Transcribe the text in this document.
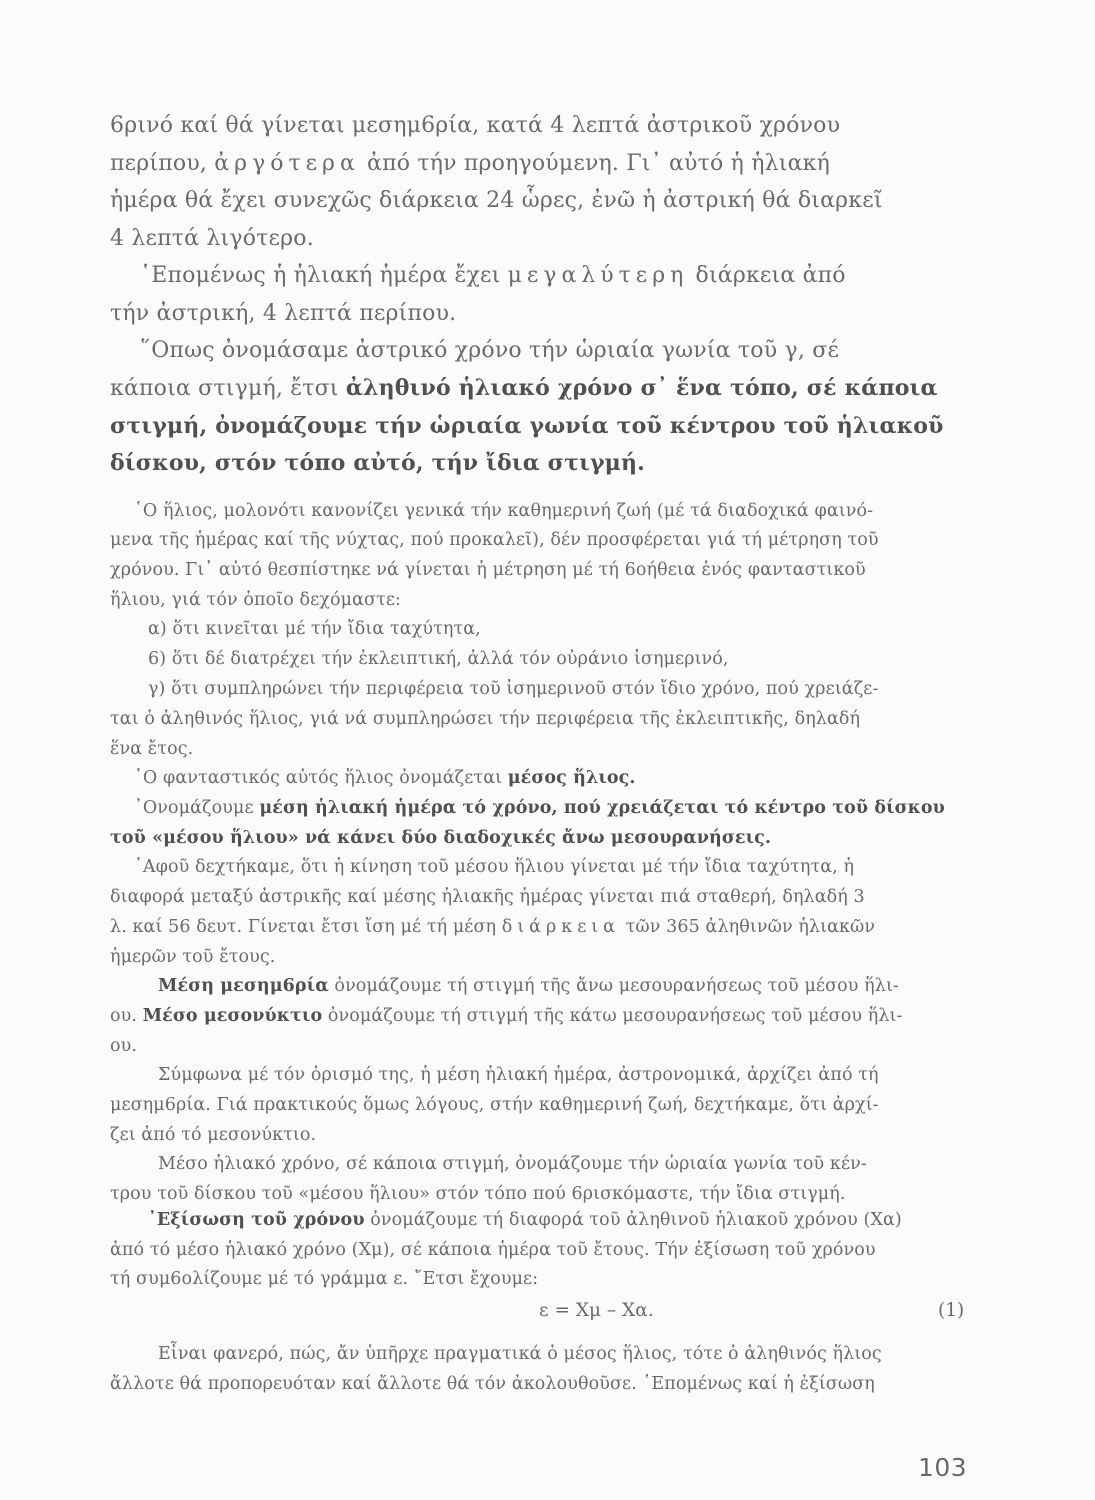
6ρινό καί θά γίνεται μεσημ6ρία, κατά 4 λεπτά ἀστρικοῦ χρόνου
περίπου, ἀργότερα ἀπό τήν προηγούμενη. Γι᾽ αὐτό ἡ ἡλιακή
ἡμέρα θά ἔχει συνεχῶς διάρκεια 24 ὧρες, ἐνῶ ἡ ἀστρική θά διαρκεῖ
4 λεπτά λιγότερο.
῾Επομένως ἡ ἡλιακή ἡμέρα ἔχει μεγαλύτερη διάρκεια ἀπό
τήν ἀστρική, 4 λεπτά περίπου.
῞Οπως ὀνομάσαμε ἀστρικό χρόνο τήν ὡριαία γωνία τοῦ γ, σέ
κάποια στιγμή, ἔτσι ἀληθινό ἡλιακό χρόνο σ᾽ ἕνα τόπο, σέ κάποια
στιγμή, ὀνομάζουμε τήν ὡριαία γωνία τοῦ κέντρου τοῦ ἡλιακοῦ
δίσκου, στόν τόπο αὐτό, τήν ἴδια στιγμή.
῾Ο ἥλιος, μολονότι κανονίζει γενικά τήν καθημερινή ζωή (μέ τά διαδοχικά φαινό-
μενα τῆς ἡμέρας καί τῆς νύχτας, πού προκαλεῖ), δέν προσφέρεται γιά τή μέτρηση τοῦ
χρόνου. Γι᾽ αὐτό θεσπίστηκε νά γίνεται ἡ μέτρηση μέ τή 6οήθεια ἑνός φανταστικοῦ
ἥλιου, γιά τόν ὁποῖο δεχόμαστε:
α) ὅτι κινεῖται μέ τήν ἴδια ταχύτητα,
6) ὅτι δέ διατρέχει τήν ἐκλειπτική, ἀλλά τόν οὐράνιο ἰσημερινό,
γ) ὅτι συμπληρώνει τήν περιφέρεια τοῦ ἰσημερινοῦ στόν ἴδιο χρόνο, πού χρειάζε-
ται ὁ ἀληθινός ἥλιος, γιά νά συμπληρώσει τήν περιφέρεια τῆς ἐκλειπτικῆς, δηλαδή
ἕνα ἔτος.
῾Ο φανταστικός αὐτός ἥλιος ὀνομάζεται μέσος ἥλιος.
᾿Ονομάζουμε μέση ἡλιακή ἡμέρα τό χρόνο, πού χρειάζεται τό κέντρο τοῦ δίσκου
τοῦ «μέσου ἥλιου» νά κάνει δύο διαδοχικές ἄνω μεσουρανήσεις.
᾿Αφοῦ δεχτήκαμε, ὅτι ἡ κίνηση τοῦ μέσου ἥλιου γίνεται μέ τήν ἴδια ταχύτητα, ἡ
διαφορά μεταξύ ἀστρικῆς καί μέσης ἡλιακῆς ἡμέρας γίνεται πιά σταθερή, δηλαδή 3
λ. καί 56 δευτ. Γίνεται ἔτσι ἴση μέ τή μέση διάρκεια τῶν 365 ἀληθινῶν ἡλιακῶν
ἡμερῶν τοῦ ἔτους.
Μέση μεσημ6ρία ὀνομάζουμε τή στιγμή τῆς ἄνω μεσουρανήσεως τοῦ μέσου ἥλι-
ου. Μέσο μεσονύκτιο ὀνομάζουμε τή στιγμή τῆς κάτω μεσουρανήσεως τοῦ μέσου ἥλι-
ου.
Σύμφωνα μέ τόν ὁρισμό της, ἡ μέση ἡλιακή ἡμέρα, ἀστρονομικά, ἀρχίζει ἀπό τή
μεσημ6ρία. Γιά πρακτικούς ὅμως λόγους, στήν καθημερινή ζωή, δεχτήκαμε, ὅτι ἀρχί-
ζει ἀπό τό μεσονύκτιο.
Μέσο ἡλιακό χρόνο, σέ κάποια στιγμή, ὀνομάζουμε τήν ὡριαία γωνία τοῦ κέν-
τρου τοῦ δίσκου τοῦ «μέσου ἥλιου» στόν τόπο πού 6ρισκόμαστε, τήν ἴδια στιγμή.
᾿Εξίσωση τοῦ χρόνου ὀνομάζουμε τή διαφορά τοῦ ἀληθινοῦ ἡλιακοῦ χρόνου (Χα)
ἀπό τό μέσο ἡλιακό χρόνο (Χμ), σέ κάποια ἡμέρα τοῦ ἔτους. Τήν ἐξίσωση τοῦ χρόνου
τή συμ6ολίζουμε μέ τό γράμμα ε. ῎Ετσι ἔχουμε:
Εἶναι φανερό, πώς, ἄν ὑπῆρχε πραγματικά ὁ μέσος ἥλιος, τότε ὁ ἀληθινός ἥλιος
ἄλλοτε θά προπορευόταν καί ἄλλοτε θά τόν ἀκολουθοῦσε. ῾Επομένως καί ἡ ἐξίσωση
ε = Χμ – Χα.	(1)
103
